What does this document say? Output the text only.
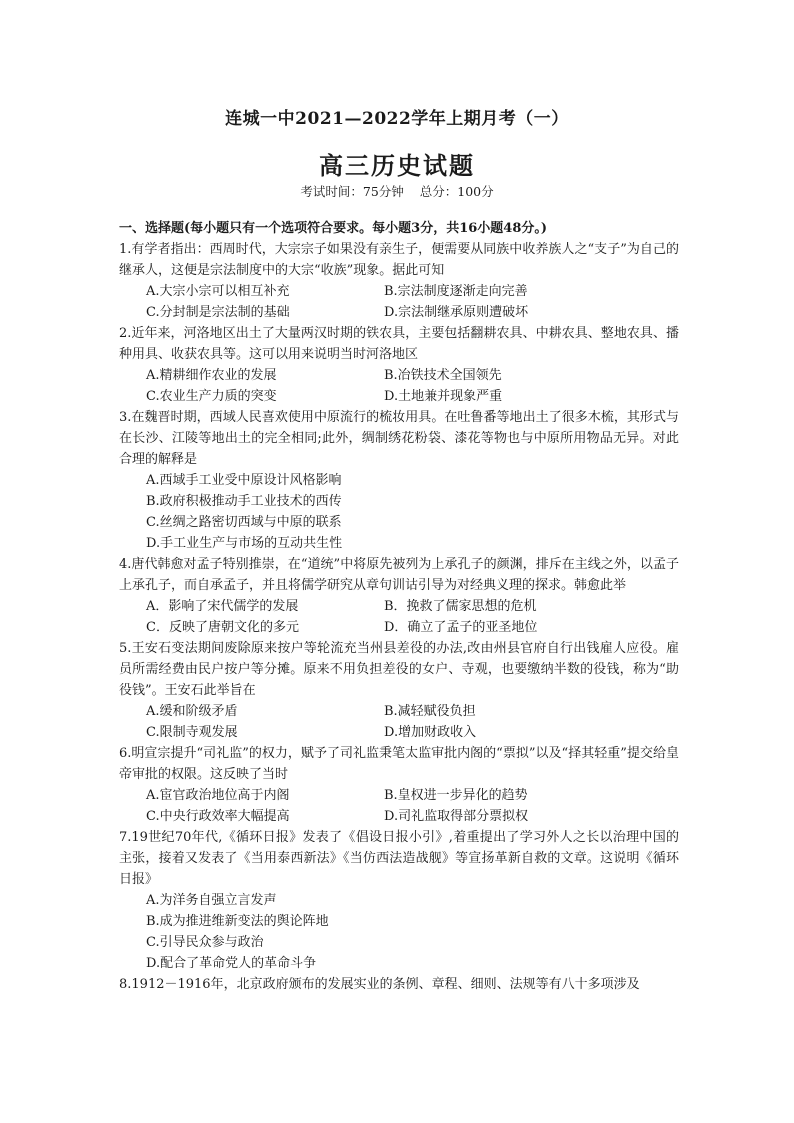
连城一中2021—2022学年上期月考（一）
高三历史试题
考试时间：75分钟 总分：100分
一、选择题(每小题只有一个选项符合要求。每小题3分，共16小题48分。)
1.有学者指出：西周时代，大宗宗子如果没有亲生子，便需要从同族中收养族人之“支子”为自己的继承人，这便是宗法制度中的大宗“收族”现象。据此可知
A.大宗小宗可以相互补充	B.宗法制度逐渐走向完善
C.分封制是宗法制的基础	D.宗法制继承原则遭破坏
2.近年来，河洛地区出土了大量两汉时期的铁农具，主要包括翻耕农具、中耕农具、整地农具、播种用具、收获农具等。这可以用来说明当时河洛地区
A.精耕细作农业的发展	B.冶铁技术全国领先
C.农业生产力质的突变	D.土地兼并现象严重
3.在魏晋时期，西域人民喜欢使用中原流行的梳妆用具。在吐鲁番等地出土了很多木梳，其形式与在长沙、江陵等地出土的完全相同;此外，绸制绣花粉袋、漆花等物也与中原所用物品无异。对此合理的解释是
A.西域手工业受中原设计风格影响
B.政府积极推动手工业技术的西传
C.丝绸之路密切西域与中原的联系
D.手工业生产与市场的互动共生性
4.唐代韩愈对孟子特别推崇，在“道统”中将原先被列为上承孔子的颜渊，排斥在主线之外，以孟子上承孔子，而自承孟子，并且将儒学研究从章句训诂引导为对经典义理的探求。韩愈此举
A．影响了宋代儒学的发展	B．挽救了儒家思想的危机
C．反映了唐朝文化的多元	D．确立了孟子的亚圣地位
5.王安石变法期间废除原来按户等轮流充当州县差役的办法,改由州县官府自行出钱雇人应役。雇员所需经费由民户按户等分摊。原来不用负担差役的女户、寺观，也要缴纳半数的役钱，称为“助役钱”。王安石此举旨在
A.缓和阶级矛盾	B.减轻赋役负担
C.限制寺观发展	D.增加财政收入
6.明宣宗提升“司礼监”的权力，赋予了司礼监秉笔太监审批内阁的“票拟”以及“择其轻重”提交给皇帝审批的权限。这反映了当时
A.宦官政治地位高于内阁	B.皇权进一步异化的趋势
C.中央行政效率大幅提高	D.司礼监取得部分票拟权
7.19世纪70年代,《循环日报》发表了《倡设日报小引》,着重提出了学习外人之长以治理中国的主张，接着又发表了《当用泰西新法》《当仿西法造战舰》等宣扬革新自救的文章。这说明《循环日报》
A.为洋务自强立言发声
B.成为推进维新变法的舆论阵地
C.引导民众参与政治
D.配合了革命党人的革命斗争
8.1912－1916年，北京政府颁布的发展实业的条例、章程、细则、法规等有八十多项涉及
